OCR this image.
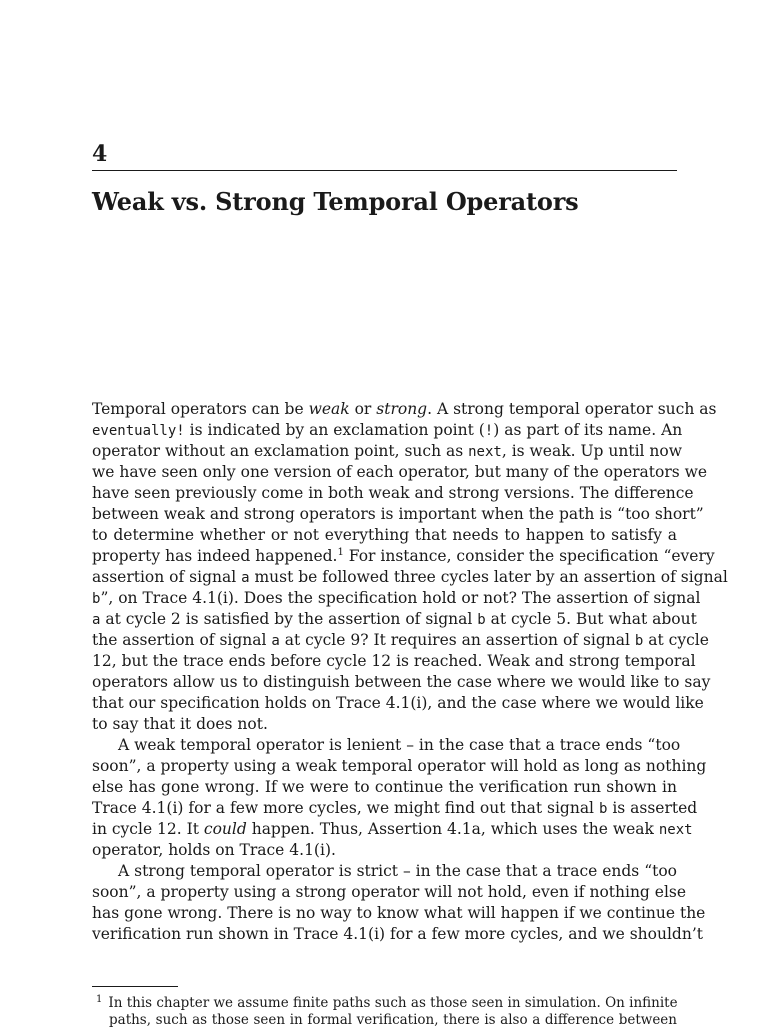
4
Weak vs. Strong Temporal Operators
Temporal operators can be weak or strong. A strong temporal operator such as
eventually! is indicated by an exclamation point (!) as part of its name. An
operator without an exclamation point, such as next, is weak. Up until now
we have seen only one version of each operator, but many of the operators we
have seen previously come in both weak and strong versions. The difference
between weak and strong operators is important when the path is “too short”
to determine whether or not everything that needs to happen to satisfy a
property has indeed happened.$^1$ For instance, consider the specification “every
assertion of signal a must be followed three cycles later by an assertion of signal
b”, on Trace 4.1(i). Does the specification hold or not? The assertion of signal
a at cycle 2 is satisfied by the assertion of signal b at cycle 5. But what about
the assertion of signal a at cycle 9? It requires an assertion of signal b at cycle
12, but the trace ends before cycle 12 is reached. Weak and strong temporal
operators allow us to distinguish between the case where we would like to say
that our specification holds on Trace 4.1(i), and the case where we would like
to say that it does not.
A weak temporal operator is lenient – in the case that a trace ends “too
soon”, a property using a weak temporal operator will hold as long as nothing
else has gone wrong. If we were to continue the verification run shown in
Trace 4.1(i) for a few more cycles, we might find out that signal b is asserted
in cycle 12. It could happen. Thus, Assertion 4.1a, which uses the weak next
operator, holds on Trace 4.1(i).
A strong temporal operator is strict – in the case that a trace ends “too
soon”, a property using a strong operator will not hold, even if nothing else
has gone wrong. There is no way to know what will happen if we continue the
verification run shown in Trace 4.1(i) for a few more cycles, and we shouldn’t
$^1$ In this chapter we assume finite paths such as those seen in simulation. On infinite
paths, such as those seen in formal verification, there is also a difference between
